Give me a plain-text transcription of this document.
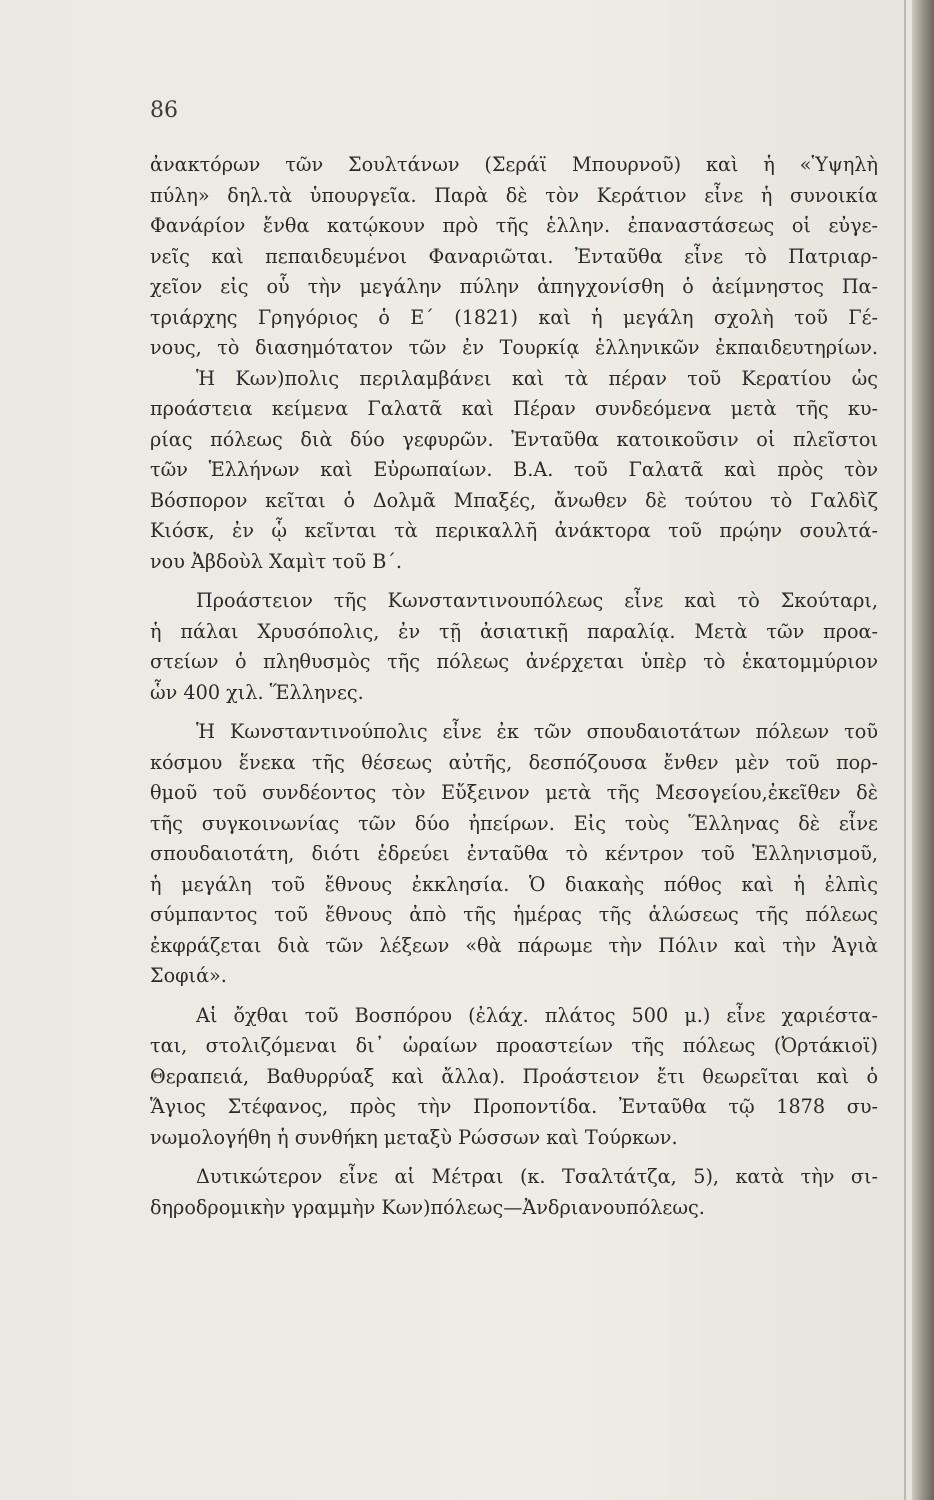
86
ἀνακτόρων τῶν Σουλτάνων (Σεράϊ Μπουρνοῦ) καὶ ἡ «Ὑψηλὴ
πύλη» δηλ.τὰ ὑπουργεῖα. Παρὰ δὲ τὸν Κεράτιον εἶνε ἡ συνοικία
Φανάρίον ἔνθα κατῴκουν πρὸ τῆς ἑλλην. ἐπαναστάσεως οἱ εὐγε-
νεῖς καὶ πεπαιδευμένοι Φαναριῶται. Ἐνταῦθα εἶνε τὸ Πατριαρ-
χεῖον εἰς οὗ τὴν μεγάλην πύλην ἀπηγχονίσθη ὁ ἀείμνηστος Πα-
τριάρχης Γρηγόριος ὁ Ε΄ (1821) καὶ ἡ μεγάλη σχολὴ τοῦ Γέ-
νους, τὸ διασημότατον τῶν ἐν Τουρκίᾳ ἑλληνικῶν ἐκπαιδευτηρίων.
Ἡ Κων)πολις περιλαμβάνει καὶ τὰ πέραν τοῦ Κερατίου ὡς
προάστεια κείμενα Γαλατᾶ καὶ Πέραν συνδεόμενα μετὰ τῆς κυ-
ρίας πόλεως διὰ δύο γεφυρῶν. Ἐνταῦθα κατοικοῦσιν οἱ πλεῖστοι
τῶν Ἑλλήνων καὶ Εὐρωπαίων. Β.Α. τοῦ Γαλατᾶ καὶ πρὸς τὸν
Βόσπορον κεῖται ὁ Δολμᾶ Μπαξές, ἄνωθεν δὲ τούτου τὸ Γαλδὶζ
Κιόσκ, ἐν ᾧ κεῖνται τὰ περικαλλῆ ἀνάκτορα τοῦ πρῴην σουλτά-
νου Ἀβδοὺλ Χαμὶτ τοῦ Β΄.
Προάστειον τῆς Κωνσταντινουπόλεως εἶνε καὶ τὸ Σκούταρι,
ἡ πάλαι Χρυσόπολις, ἐν τῇ ἀσιατικῇ παραλίᾳ. Μετὰ τῶν προα-
στείων ὁ πληθυσμὸς τῆς πόλεως ἀνέρχεται ὑπὲρ τὸ ἑκατομμύριον
ὧν 400 χιλ. Ἕλληνες.
Ἡ Κωνσταντινούπολις εἶνε ἐκ τῶν σπουδαιοτάτων πόλεων τοῦ
κόσμου ἕνεκα τῆς θέσεως αὐτῆς, δεσπόζουσα ἔνθεν μὲν τοῦ πορ-
θμοῦ τοῦ συνδέοντος τὸν Εὔξεινον μετὰ τῆς Μεσογείου,ἐκεῖθεν δὲ
τῆς συγκοινωνίας τῶν δύο ἠπείρων. Εἰς τοὺς Ἕλληνας δὲ εἶνε
σπουδαιοτάτη, διότι ἑδρεύει ἐνταῦθα τὸ κέντρον τοῦ Ἑλληνισμοῦ,
ἡ μεγάλη τοῦ ἔθνους ἐκκλησία. Ὁ διακαὴς πόθος καὶ ἡ ἐλπὶς
σύμπαντος τοῦ ἔθνους ἀπὸ τῆς ἡμέρας τῆς ἁλώσεως τῆς πόλεως
ἐκφράζεται διὰ τῶν λέξεων «θὰ πάρωμε τὴν Πόλιν καὶ τὴν Ἁγιὰ
Σοφιά».
Αἱ ὄχθαι τοῦ Βοσπόρου (ἐλάχ. πλάτος 500 μ.) εἶνε χαριέστα-
ται, στολιζόμεναι δι᾽ ὡραίων προαστείων τῆς πόλεως (Ὀρτάκιοϊ)
Θεραπειά, Βαθυρρύαξ καὶ ἄλλα). Προάστειον ἔτι θεωρεῖται καὶ ὁ
Ἅγιος Στέφανος, πρὸς τὴν Προποντίδα. Ἐνταῦθα τῷ 1878 συ-
νωμολογήθη ἡ συνθήκη μεταξὺ Ρώσσων καὶ Τούρκων.
Δυτικώτερον εἶνε αἱ Μέτραι (κ. Τσαλτάτζα, 5), κατὰ τὴν σι-
δηροδρομικὴν γραμμὴν Κων)πόλεως—Ἀνδριανουπόλεως.
